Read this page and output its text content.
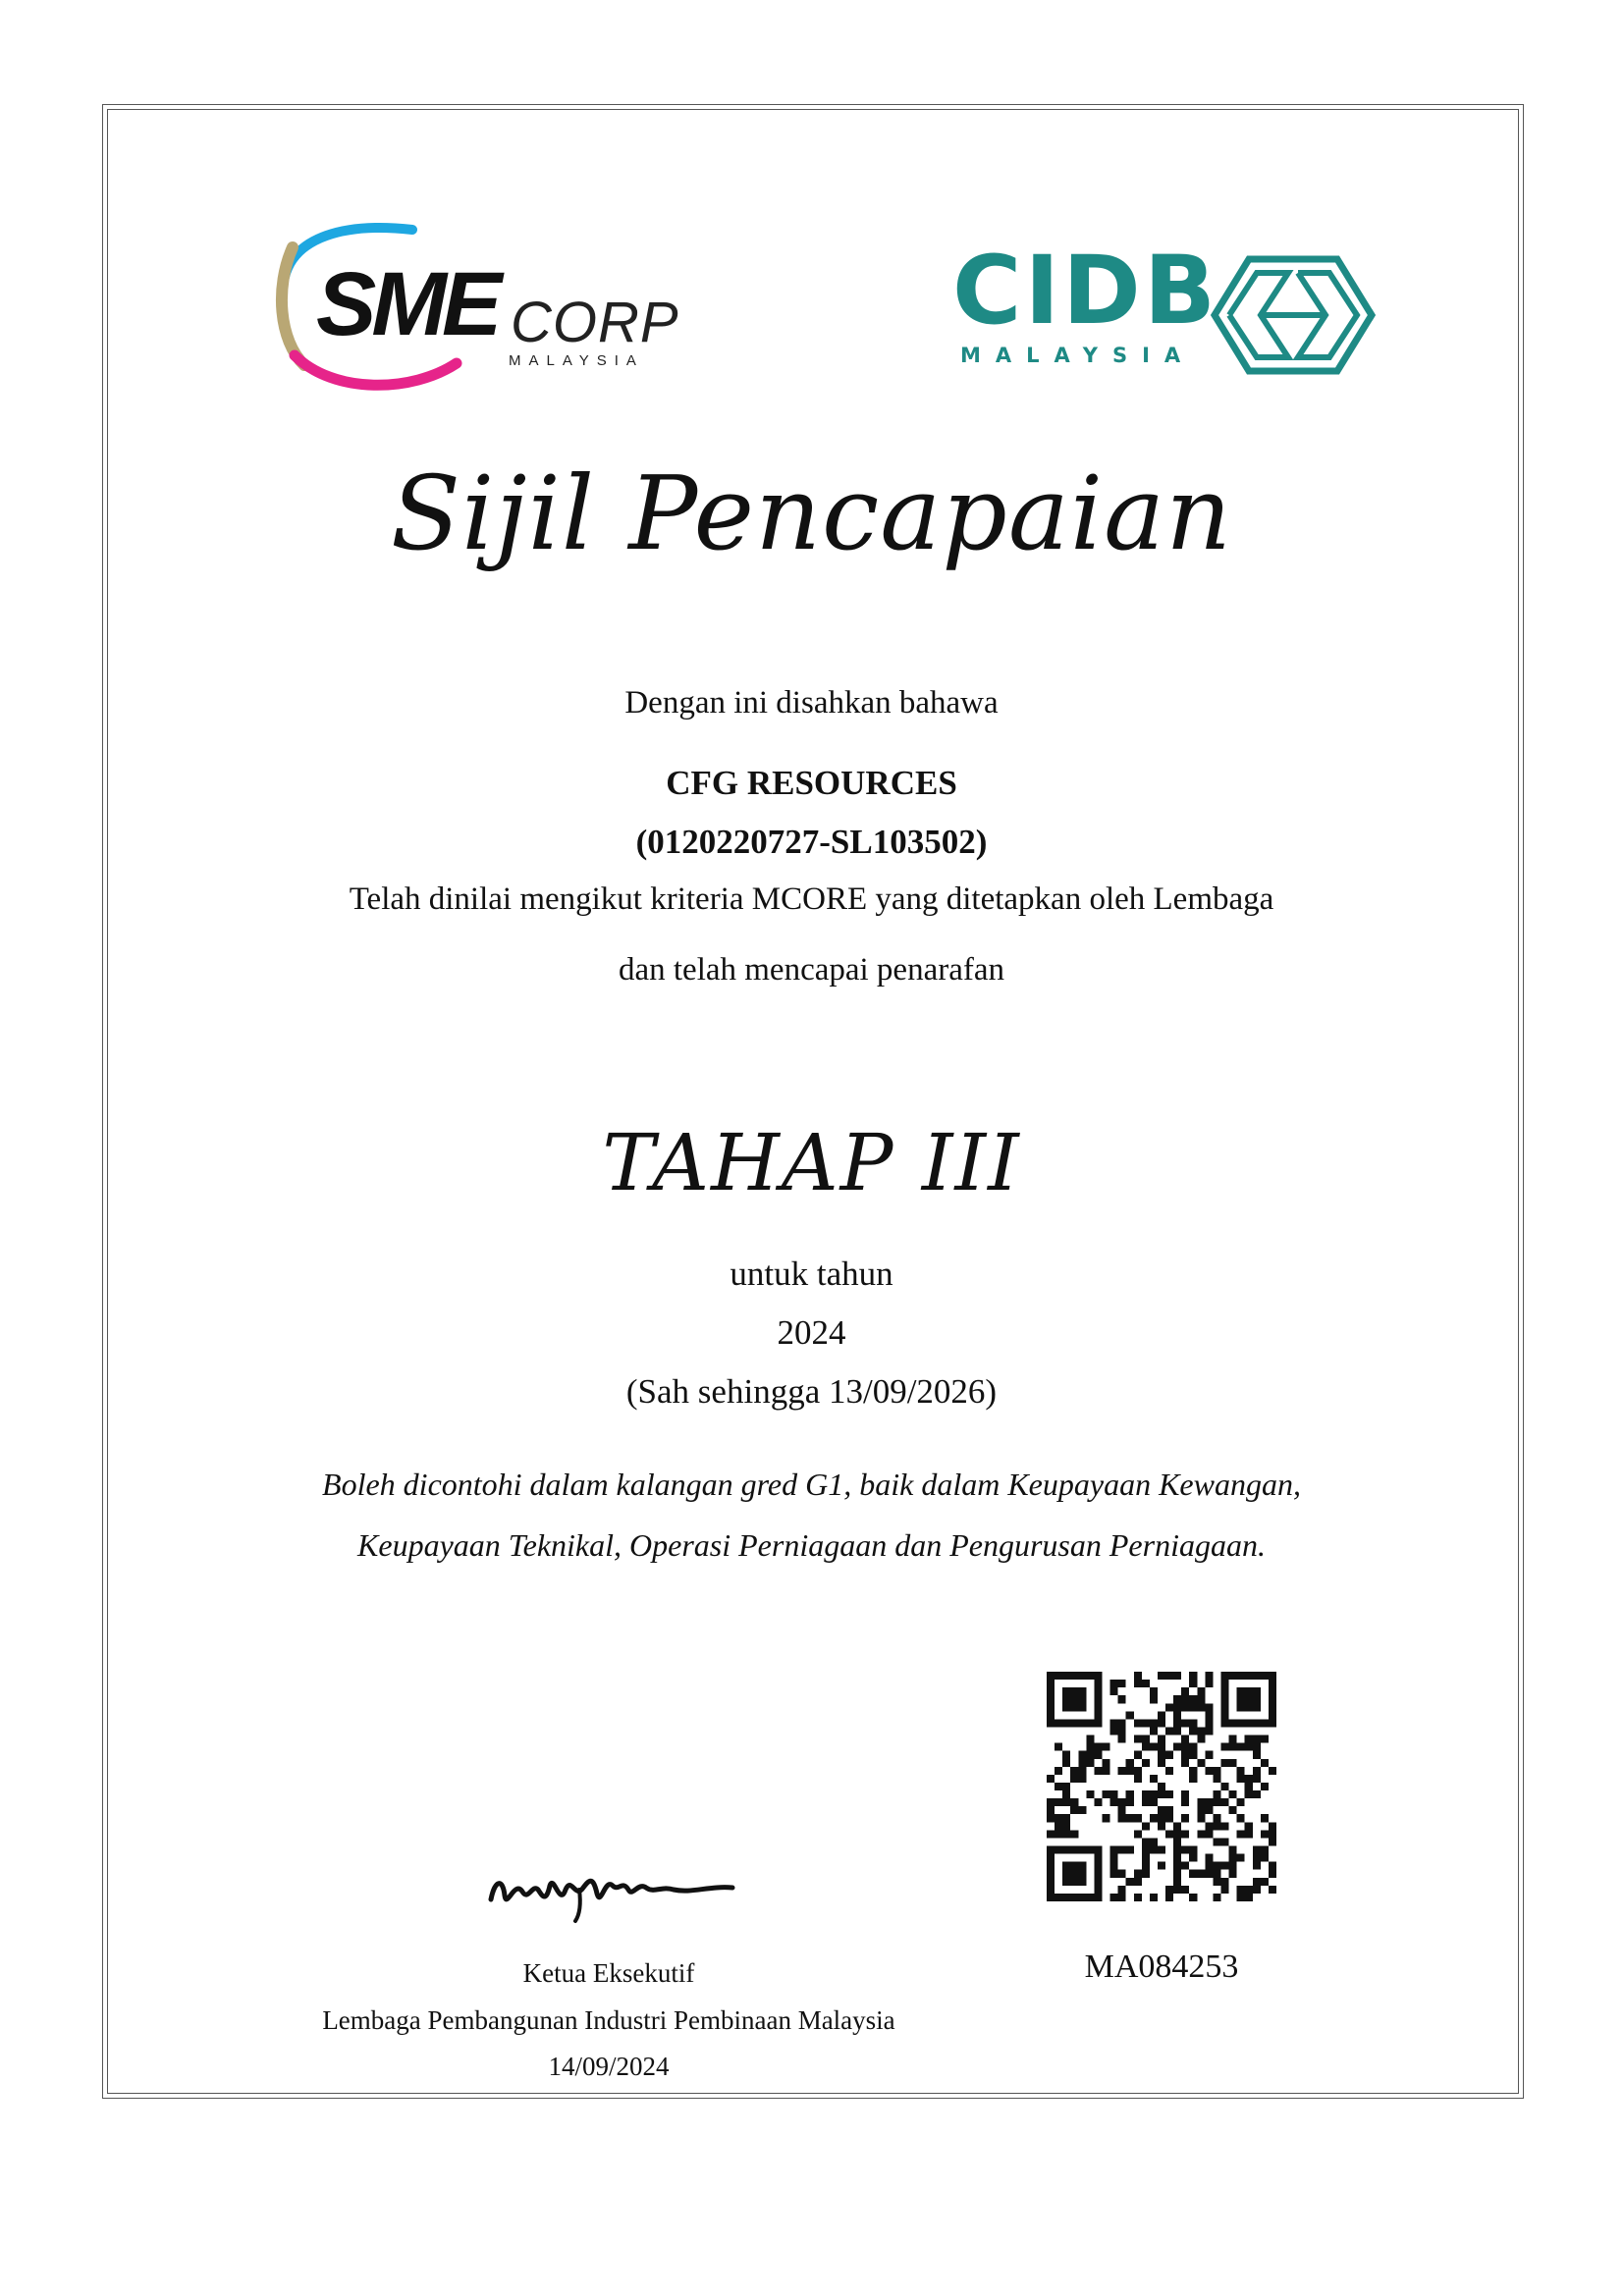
SME CORP
MALAYSIA
CIDB
MALAYSIA
Sijil Pencapaian
Dengan ini disahkan bahawa
CFG RESOURCES
(0120220727-SL103502)
Telah dinilai mengikut kriteria MCORE yang ditetapkan oleh Lembaga
dan telah mencapai penarafan
TAHAP III
untuk tahun
2024
(Sah sehingga 13/09/2026)
Boleh dicontohi dalam kalangan gred G1, baik dalam Keupayaan Kewangan,
Keupayaan Teknikal, Operasi Perniagaan dan Pengurusan Perniagaan.
MA084253
Ketua Eksekutif
Lembaga Pembangunan Industri Pembinaan Malaysia
14/09/2024
